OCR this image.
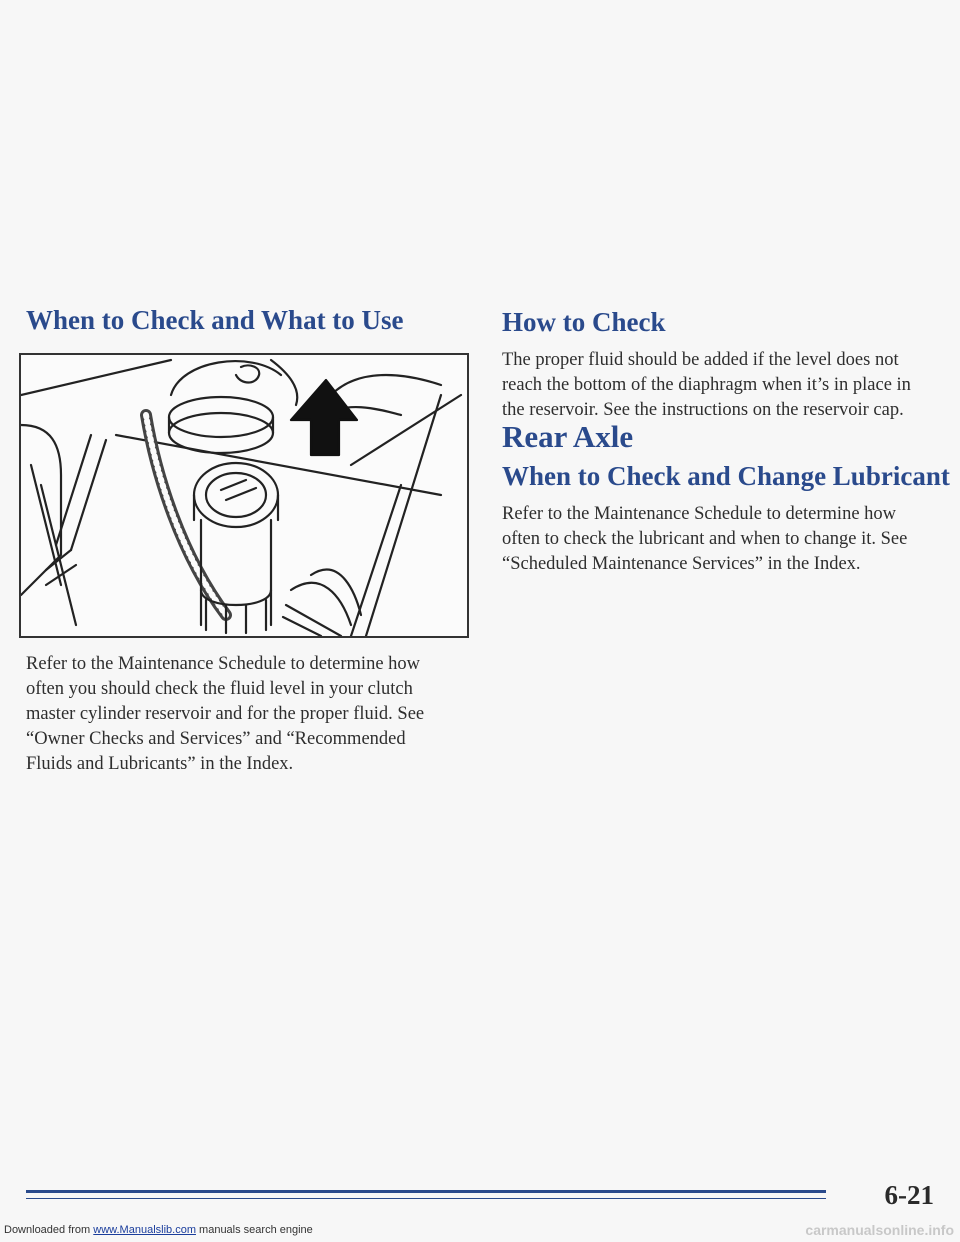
When to Check and What to Use

Refer to the Maintenance Schedule to determine how often you should check the fluid level in your clutch master cylinder reservoir and for the proper fluid. See “Owner Checks and Services” and “Recommended Fluids and Lubricants” in the Index.

How to Check

The proper fluid should be added if the level does not reach the bottom of the diaphragm when it’s in place in the reservoir. See the instructions on the reservoir cap.

Rear Axle
When to Check and Change Lubricant

Refer to the Maintenance Schedule to determine how often to check the lubricant and when to change it. See “Scheduled Maintenance Services” in the Index.

6-21
Downloaded from www.Manualslib.com manuals search engine	carmanualsonline.info
